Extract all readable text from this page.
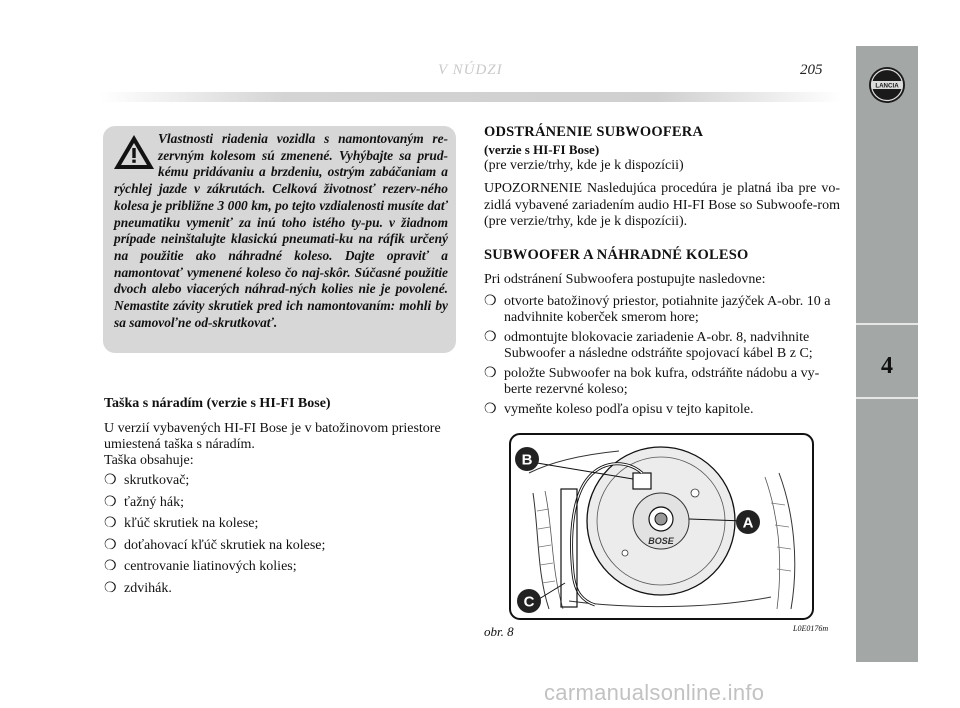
V NÚDZI	205
LANCIA
4
Vlastnosti riadenia vozidla s namontovaným re-zervným kolesom sú zmenené. Vyhýbajte sa prud-kému pridávaniu a brzdeniu, ostrým zabáčaniam a rýchlej jazde v zákrutách. Celková životnosť rezerv-ného kolesa je približne 3 000 km, po tejto vzdialenosti musíte dať pneumatiku vymeniť za inú toho istého ty-pu. v žiadnom prípade neinštalujte klasickú pneumati-ku na ráfik určený na použitie ako náhradné koleso. Dajte opraviť a namontovať vymenené koleso čo naj-skôr. Súčasné použitie dvoch alebo viacerých náhrad-ných kolies nie je povolené. Nemastite závity skrutiek pred ich namontovaním: mohli by sa samovoľne od-skrutkovať.
Taška s náradím (verzie s HI-FI Bose)
U verzií vybavených HI-FI Bose je v batožinovom priestore umiestená taška s náradím.
Taška obsahuje:
❍ skrutkovač;
❍ ťažný hák;
❍ kľúč skrutiek na kolese;
❍ doťahovací kľúč skrutiek na kolese;
❍ centrovanie liatinových kolies;
❍ zdvihák.
ODSTRÁNENIE SUBWOOFERA
(verzie s HI-FI Bose)
(pre verzie/trhy, kde je k dispozícii)
UPOZORNENIE Nasledujúca procedúra je platná iba pre vo-zidlá vybavené zariadením audio HI-FI Bose so Subwoofe-rom (pre verzie/trhy, kde je k dispozícii).
SUBWOOFER A NÁHRADNÉ KOLESO
Pri odstránení Subwoofera postupujte nasledovne:
❍ otvorte batožinový priestor, potiahnite jazýček A-obr. 10 a nadvihnite koberček smerom hore;
❍ odmontujte blokovacie zariadenie A-obr. 8, nadvihnite Subwoofer a následne odstráňte spojovací kábel B z C;
❍ položte Subwoofer na bok kufra, odstráňte nádobu a vy-berte rezervné koleso;
❍ vymeňte koleso podľa opisu v tejto kapitole.
BOSE
B
A
C
obr. 8	L0E0176m
carmanualsonline.info
